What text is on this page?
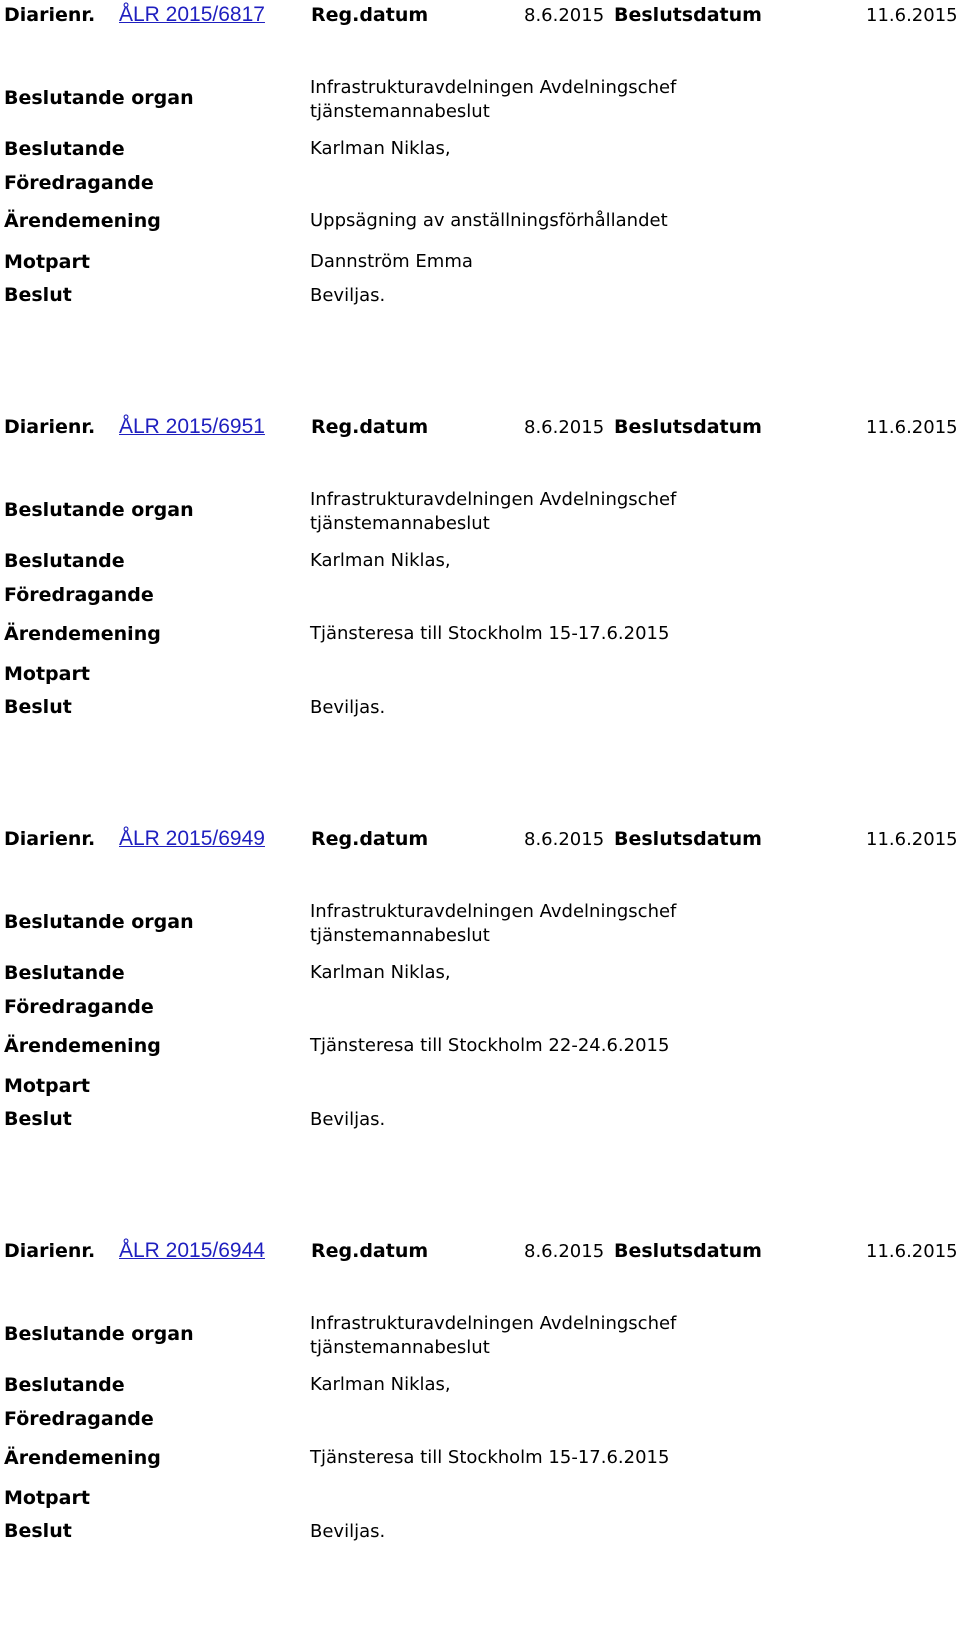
Diarienr. ÅLR 2015/6817 Reg.datum	8.6.2015 Beslutsdatum	11.6.2015
Beslutande organ	Infrastrukturavdelningen Avdelningschef
tjänstemannabeslut
Beslutande	Karlman Niklas,
Föredragande
Ärendemening	Uppsägning av anställningsförhållandet
Motpart	Dannström Emma
Beslut	Beviljas.
Diarienr. ÅLR 2015/6951 Reg.datum	8.6.2015 Beslutsdatum	11.6.2015
Beslutande organ	Infrastrukturavdelningen Avdelningschef
tjänstemannabeslut
Beslutande	Karlman Niklas,
Föredragande
Ärendemening	Tjänsteresa till Stockholm 15-17.6.2015
Motpart
Beslut	Beviljas.
Diarienr. ÅLR 2015/6949 Reg.datum	8.6.2015 Beslutsdatum	11.6.2015
Beslutande organ	Infrastrukturavdelningen Avdelningschef
tjänstemannabeslut
Beslutande	Karlman Niklas,
Föredragande
Ärendemening	Tjänsteresa till Stockholm 22-24.6.2015
Motpart
Beslut	Beviljas.
Diarienr. ÅLR 2015/6944 Reg.datum	8.6.2015 Beslutsdatum	11.6.2015
Beslutande organ	Infrastrukturavdelningen Avdelningschef
tjänstemannabeslut
Beslutande	Karlman Niklas,
Föredragande
Ärendemening	Tjänsteresa till Stockholm 15-17.6.2015
Motpart
Beslut	Beviljas.
